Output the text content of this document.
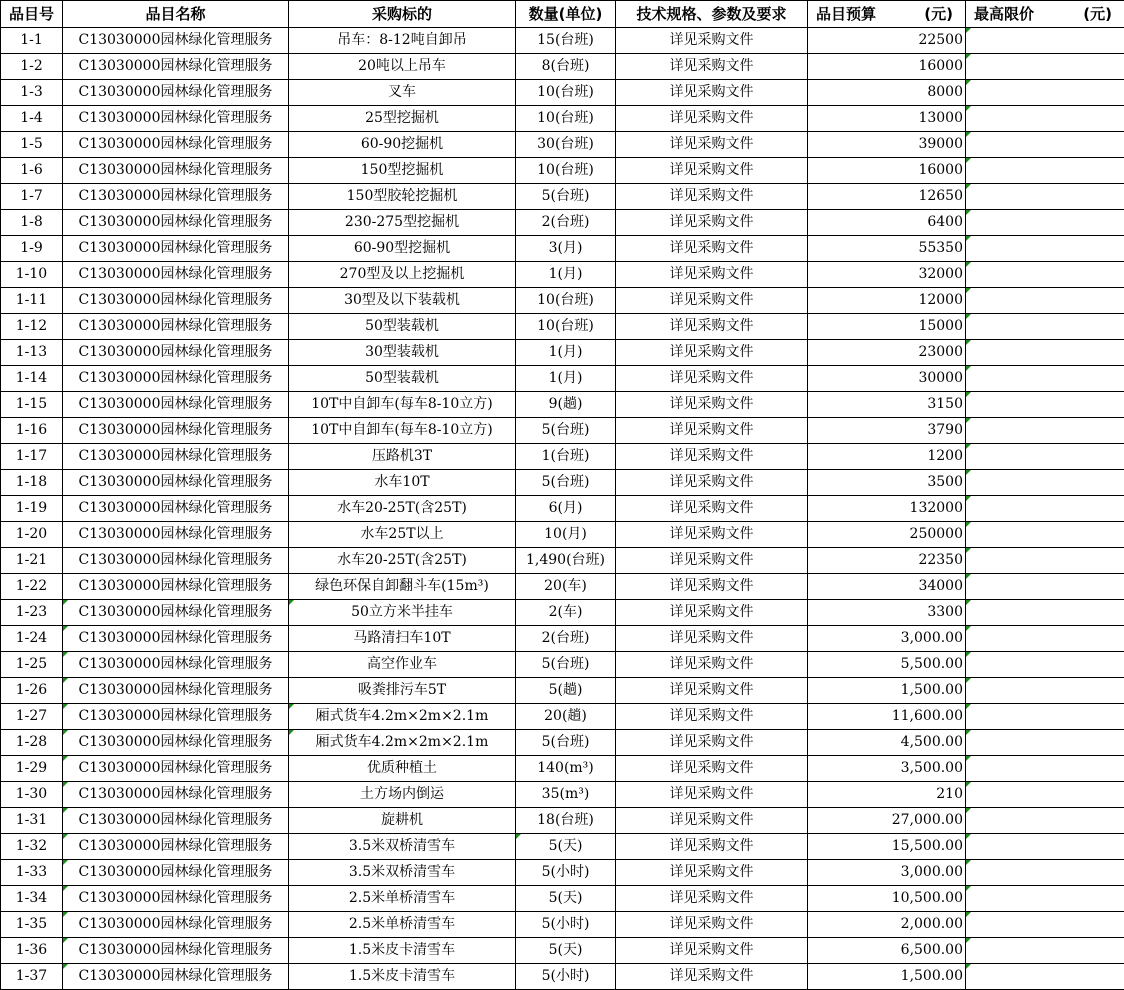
品目号	品目名称	采购标的	数量(单位)	技术规格、参数及要求	品目预算 (元)	最高限价 (元)

1-1	C13030000园林绿化管理服务	吊车：8-12吨自卸吊	15(台班)	详见采购文件	22500	
1-2	C13030000园林绿化管理服务	20吨以上吊车	8(台班)	详见采购文件	16000	
1-3	C13030000园林绿化管理服务	叉车	10(台班)	详见采购文件	8000	
1-4	C13030000园林绿化管理服务	25型挖掘机	10(台班)	详见采购文件	13000	
1-5	C13030000园林绿化管理服务	60-90挖掘机	30(台班)	详见采购文件	39000	
1-6	C13030000园林绿化管理服务	150型挖掘机	10(台班)	详见采购文件	16000	
1-7	C13030000园林绿化管理服务	150型胶轮挖掘机	5(台班)	详见采购文件	12650	
1-8	C13030000园林绿化管理服务	230-275型挖掘机	2(台班)	详见采购文件	6400	
1-9	C13030000园林绿化管理服务	60-90型挖掘机	3(月)	详见采购文件	55350	
1-10	C13030000园林绿化管理服务	270型及以上挖掘机	1(月)	详见采购文件	32000	
1-11	C13030000园林绿化管理服务	30型及以下装载机	10(台班)	详见采购文件	12000	
1-12	C13030000园林绿化管理服务	50型装载机	10(台班)	详见采购文件	15000	
1-13	C13030000园林绿化管理服务	30型装载机	1(月)	详见采购文件	23000	
1-14	C13030000园林绿化管理服务	50型装载机	1(月)	详见采购文件	30000	
1-15	C13030000园林绿化管理服务	10T中自卸车(每车8-10立方)	9(趟)	详见采购文件	3150	
1-16	C13030000园林绿化管理服务	10T中自卸车(每车8-10立方)	5(台班)	详见采购文件	3790	
1-17	C13030000园林绿化管理服务	压路机3T	1(台班)	详见采购文件	1200	
1-18	C13030000园林绿化管理服务	水车10T	5(台班)	详见采购文件	3500	
1-19	C13030000园林绿化管理服务	水车20-25T(含25T)	6(月)	详见采购文件	132000	
1-20	C13030000园林绿化管理服务	水车25T以上	10(月)	详见采购文件	250000	
1-21	C13030000园林绿化管理服务	水车20-25T(含25T)	1,490(台班)	详见采购文件	22350	
1-22	C13030000园林绿化管理服务	绿色环保自卸翻斗车(15m³)	20(车)	详见采购文件	34000	
1-23	C13030000园林绿化管理服务	50立方米半挂车	2(车)	详见采购文件	3300	
1-24	C13030000园林绿化管理服务	马路清扫车10T	2(台班)	详见采购文件	3,000.00	
1-25	C13030000园林绿化管理服务	高空作业车	5(台班)	详见采购文件	5,500.00	
1-26	C13030000园林绿化管理服务	吸粪排污车5T	5(趟)	详见采购文件	1,500.00	
1-27	C13030000园林绿化管理服务	厢式货车4.2m×2m×2.1m	20(趟)	详见采购文件	11,600.00	
1-28	C13030000园林绿化管理服务	厢式货车4.2m×2m×2.1m	5(台班)	详见采购文件	4,500.00	
1-29	C13030000园林绿化管理服务	优质种植土	140(m³)	详见采购文件	3,500.00	
1-30	C13030000园林绿化管理服务	土方场内倒运	35(m³)	详见采购文件	210	
1-31	C13030000园林绿化管理服务	旋耕机	18(台班)	详见采购文件	27,000.00	
1-32	C13030000园林绿化管理服务	3.5米双桥清雪车	5(天)	详见采购文件	15,500.00	
1-33	C13030000园林绿化管理服务	3.5米双桥清雪车	5(小时)	详见采购文件	3,000.00	
1-34	C13030000园林绿化管理服务	2.5米单桥清雪车	5(天)	详见采购文件	10,500.00	
1-35	C13030000园林绿化管理服务	2.5米单桥清雪车	5(小时)	详见采购文件	2,000.00	
1-36	C13030000园林绿化管理服务	1.5米皮卡清雪车	5(天)	详见采购文件	6,500.00	
1-37	C13030000园林绿化管理服务	1.5米皮卡清雪车	5(小时)	详见采购文件	1,500.00	
